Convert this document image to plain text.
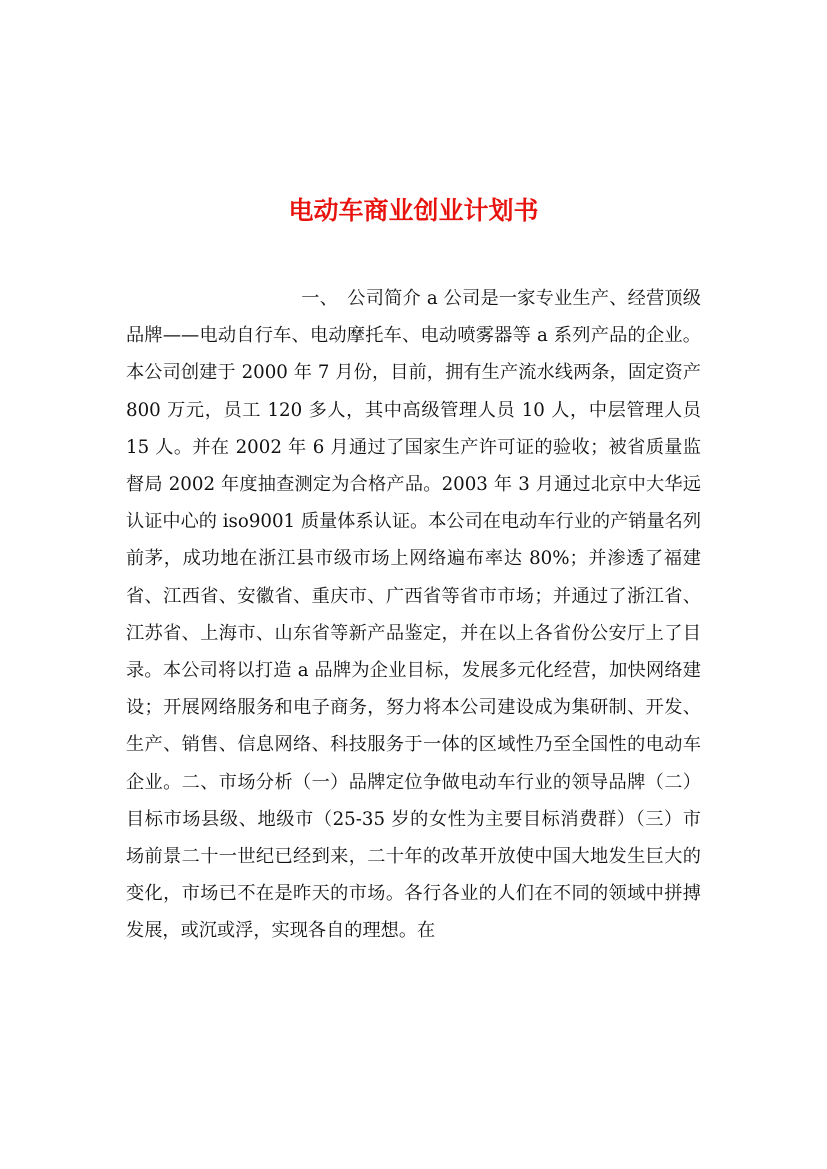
电动车商业创业计划书

一、　 公司简介 a 公司是一家专业生产、经营顶级品牌——电动自行车、电动摩托车、电动喷雾器等 a 系列产品的企业。本公司创建于 2000 年 7 月份，目前，拥有生产流水线两条，固定资产 800 万元，员工 120 多人，其中高级管理人员 10 人，中层管理人员 15 人。并在 2002 年 6 月通过了国家生产许可证的验收；被省质量监督局 2002 年度抽查测定为合格产品。2003 年 3 月通过北京中大华远认证中心的 iso9001 质量体系认证。本公司在电动车行业的产销量名列前茅，成功地在浙江县市级市场上网络遍布率达 80%；并渗透了福建省、江西省、安徽省、重庆市、广西省等省市市场；并通过了浙江省、江苏省、上海市、山东省等新产品鉴定，并在以上各省份公安厅上了目录。本公司将以打造 a 品牌为企业目标，发展多元化经营，加快网络建设；开展网络服务和电子商务，努力将本公司建设成为集研制、开发、生产、销售、信息网络、科技服务于一体的区域性乃至全国性的电动车企业。二、市场分析（一）品牌定位争做电动车行业的领导品牌（二）目标市场县级、地级市（25-35 岁的女性为主要目标消费群）（三）市场前景二十一世纪已经到来，二十年的改革开放使中国大地发生巨大的变化，市场已不在是昨天的市场。各行各业的人们在不同的领域中拼搏发展，或沉或浮，实现各自的理想。在
